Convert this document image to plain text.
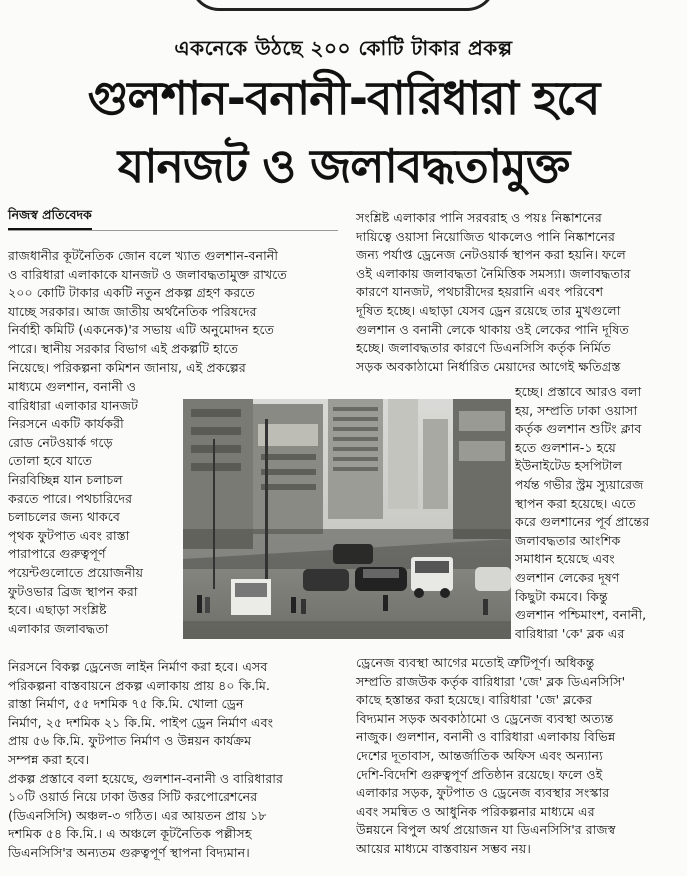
একনেকে উঠছে ২০০ কোটি টাকার প্রকল্প
গুলশান-বনানী-বারিধারা হবে
যানজট ও জলাবদ্ধতামুক্ত
নিজস্ব প্রতিবেদক
রাজধানীর কূটনৈতিক জোন বলে খ্যাত গুলশান-বনানী
ও বারিধারা এলাকাকে যানজট ও জলাবদ্ধতামুক্ত রাখতে
২০০ কোটি টাকার একটি নতুন প্রকল্প গ্রহণ করতে
যাচ্ছে সরকার। আজ জাতীয় অর্থনৈতিক পরিষদের
নির্বাহী কমিটি (একনেক)'র সভায় এটি অনুমোদন হতে
পারে। স্থানীয় সরকার বিভাগ এই প্রকল্পটি হাতে
নিয়েছে। পরিকল্পনা কমিশন জানায়, এই প্রকল্পের
মাধ্যমে গুলশান, বনানী ও
বারিধারা এলাকার যানজট
নিরসনে একটি কার্যকরী
রোড নেটওয়ার্ক গড়ে
তোলা হবে যাতে
নিরবিচ্ছিন্ন যান চলাচল
করতে পারে। পথচারিদের
চলাচলের জন্য থাকবে
পৃথক ফুটপাত এবং রাস্তা
পারাপারে গুরুত্বপূর্ণ
পয়েন্টগুলোতে প্রয়োজনীয়
ফুটওভার ব্রিজ স্থাপন করা
হবে। এছাড়া সংশ্লিষ্ট
এলাকার জলাবদ্ধতা
নিরসনে বিকল্প ড্রেনেজ লাইন নির্মাণ করা হবে। এসব
পরিকল্পনা বাস্তবায়নে প্রকল্প এলাকায় প্রায় ৪০ কি.মি.
রাস্তা নির্মাণ, ৫৫ দশমিক ৭৫ কি.মি. খোলা ড্রেন
নির্মাণ, ২৫ দশমিক ২১ কি.মি. পাইপ ড্রেন নির্মাণ এবং
প্রায় ৫৬ কি.মি. ফুটপাত নির্মাণ ও উন্নয়ন কার্যক্রম
সম্পন্ন করা হবে।
প্রকল্প প্রস্তাবে বলা হয়েছে, গুলশান-বনানী ও বারিধারার
১০টি ওয়ার্ড নিয়ে ঢাকা উত্তর সিটি করপোরেশনের
(ডিএনসিসি) অঞ্চল-৩ গঠিত। এর আয়তন প্রায় ১৮
দশমিক ৫৪ কি.মি.। এ অঞ্চলে কূটনৈতিক পল্লীসহ
ডিএনসিসি'র অন্যতম গুরুত্বপূর্ণ স্থাপনা বিদ্যমান।
সংশ্লিষ্ট এলাকার পানি সরবরাহ ও পয়ঃ নিষ্কাশনের
দায়িত্বে ওয়াসা নিয়োজিত থাকলেও পানি নিষ্কাশনের
জন্য পর্যাপ্ত ড্রেনেজ নেটওয়ার্ক স্থাপন করা হয়নি। ফলে
ওই এলাকায় জলাবদ্ধতা নৈমিত্তিক সমস্যা। জলাবদ্ধতার
কারণে যানজট, পথচারীদের হয়রানি এবং পরিবেশ
দূষিত হচ্ছে। এছাড়া যেসব ড্রেন রয়েছে তার মুখগুলো
গুলশান ও বনানী লেকে থাকায় ওই লেকের পানি দূষিত
হচ্ছে। জলাবদ্ধতার কারণে ডিএনসিসি কর্তৃক নির্মিত
সড়ক অবকাঠামো নির্ধারিত মেয়াদের আগেই ক্ষতিগ্রস্ত
হচ্ছে। প্রস্তাবে আরও বলা
হয়, সম্প্রতি ঢাকা ওয়াসা
কর্তৃক গুলশান শুটিং ক্লাব
হতে গুলশান-১ হয়ে
ইউনাইটেড হসপিটাল
পর্যন্ত গভীর স্ট্রম স্যুয়ারেজ
স্থাপন করা হয়েছে। এতে
করে গুলশানের পূর্ব প্রান্তের
জলাবদ্ধতার আংশিক
সমাধান হয়েছে এবং
গুলশান লেকের দূষণ
কিছুটা কমবে। কিন্তু
গুলশান পশ্চিমাংশ, বনানী,
বারিধারা 'কে' ব্লক এর
ড্রেনেজ ব্যবস্থা আগের মতোই ত্রুটিপূর্ণ। অধিকন্তু
সম্প্রতি রাজউক কর্তৃক বারিধারা 'জে' ব্লক ডিএনসিসি'
কাছে হস্তান্তর করা হয়েছে। বারিধারা 'জে' ব্লকের
বিদ্যমান সড়ক অবকাঠামো ও ড্রেনেজ ব্যবস্থা অত্যন্ত
নাজুক। গুলশান, বনানী ও বারিধারা এলাকায় বিভিন্ন
দেশের দূতাবাস, আন্তর্জাতিক অফিস এবং অন্যান্য
দেশি-বিদেশি গুরুত্বপূর্ণ প্রতিষ্ঠান রয়েছে। ফলে ওই
এলাকার সড়ক, ফুটপাত ও ড্রেনেজ ব্যবস্থার সংস্কার
এবং সমন্বিত ও আধুনিক পরিকল্পনার মাধ্যমে এর
উন্নয়নে বিপুল অর্থ প্রয়োজন যা ডিএনসিসি'র রাজস্ব
আয়ের মাধ্যমে বাস্তবায়ন সম্ভব নয়।
